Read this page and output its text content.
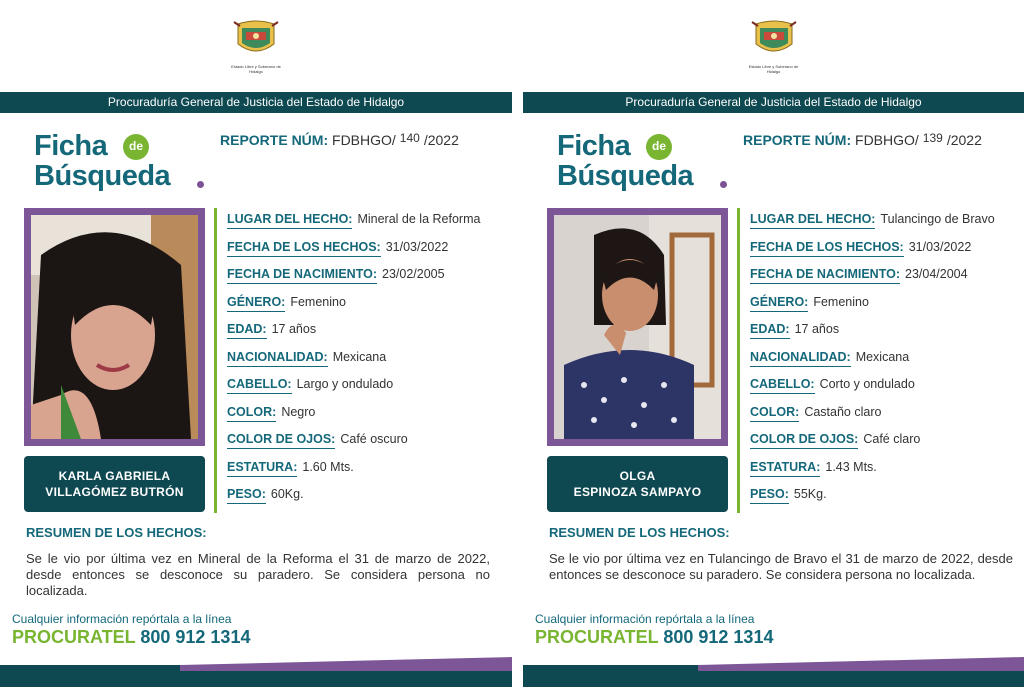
Estado Libre y Soberano de Hidalgo
Procuraduría General de Justicia del Estado de Hidalgo
Ficha	de
Búsqueda
REPORTE NÚM: FDBHGO/ 140 /2022
KARLA GABRIELA
VILLAGÓMEZ BUTRÓN
LUGAR DEL HECHO: Mineral de la Reforma
FECHA DE LOS HECHOS: 31/03/2022
FECHA DE NACIMIENTO: 23/02/2005
GÉNERO: Femenino
EDAD: 17 años
NACIONALIDAD: Mexicana
CABELLO: Largo y ondulado
COLOR: Negro
COLOR DE OJOS: Café oscuro
ESTATURA: 1.60 Mts.
PESO: 60Kg.
RESUMEN DE LOS HECHOS:
Se le vio por última vez en Mineral de la Reforma el 31 de marzo de 2022, desde entonces se desconoce su paradero. Se considera persona no localizada.
Cualquier información repórtala a la línea
PROCURATEL 800 912 1314
Estado Libre y Soberano de Hidalgo
Procuraduría General de Justicia del Estado de Hidalgo
Ficha	de
Búsqueda
REPORTE NÚM: FDBHGO/ 139 /2022
OLGA
ESPINOZA SAMPAYO
LUGAR DEL HECHO: Tulancingo de Bravo
FECHA DE LOS HECHOS: 31/03/2022
FECHA DE NACIMIENTO: 23/04/2004
GÉNERO: Femenino
EDAD: 17 años
NACIONALIDAD: Mexicana
CABELLO: Corto y ondulado
COLOR: Castaño claro
COLOR DE OJOS: Café claro
ESTATURA: 1.43 Mts.
PESO: 55Kg.
RESUMEN DE LOS HECHOS:
Se le vio por última vez en Tulancingo de Bravo el 31 de marzo de 2022, desde entonces se desconoce su paradero. Se considera persona no localizada.
Cualquier información repórtala a la línea
PROCURATEL 800 912 1314
